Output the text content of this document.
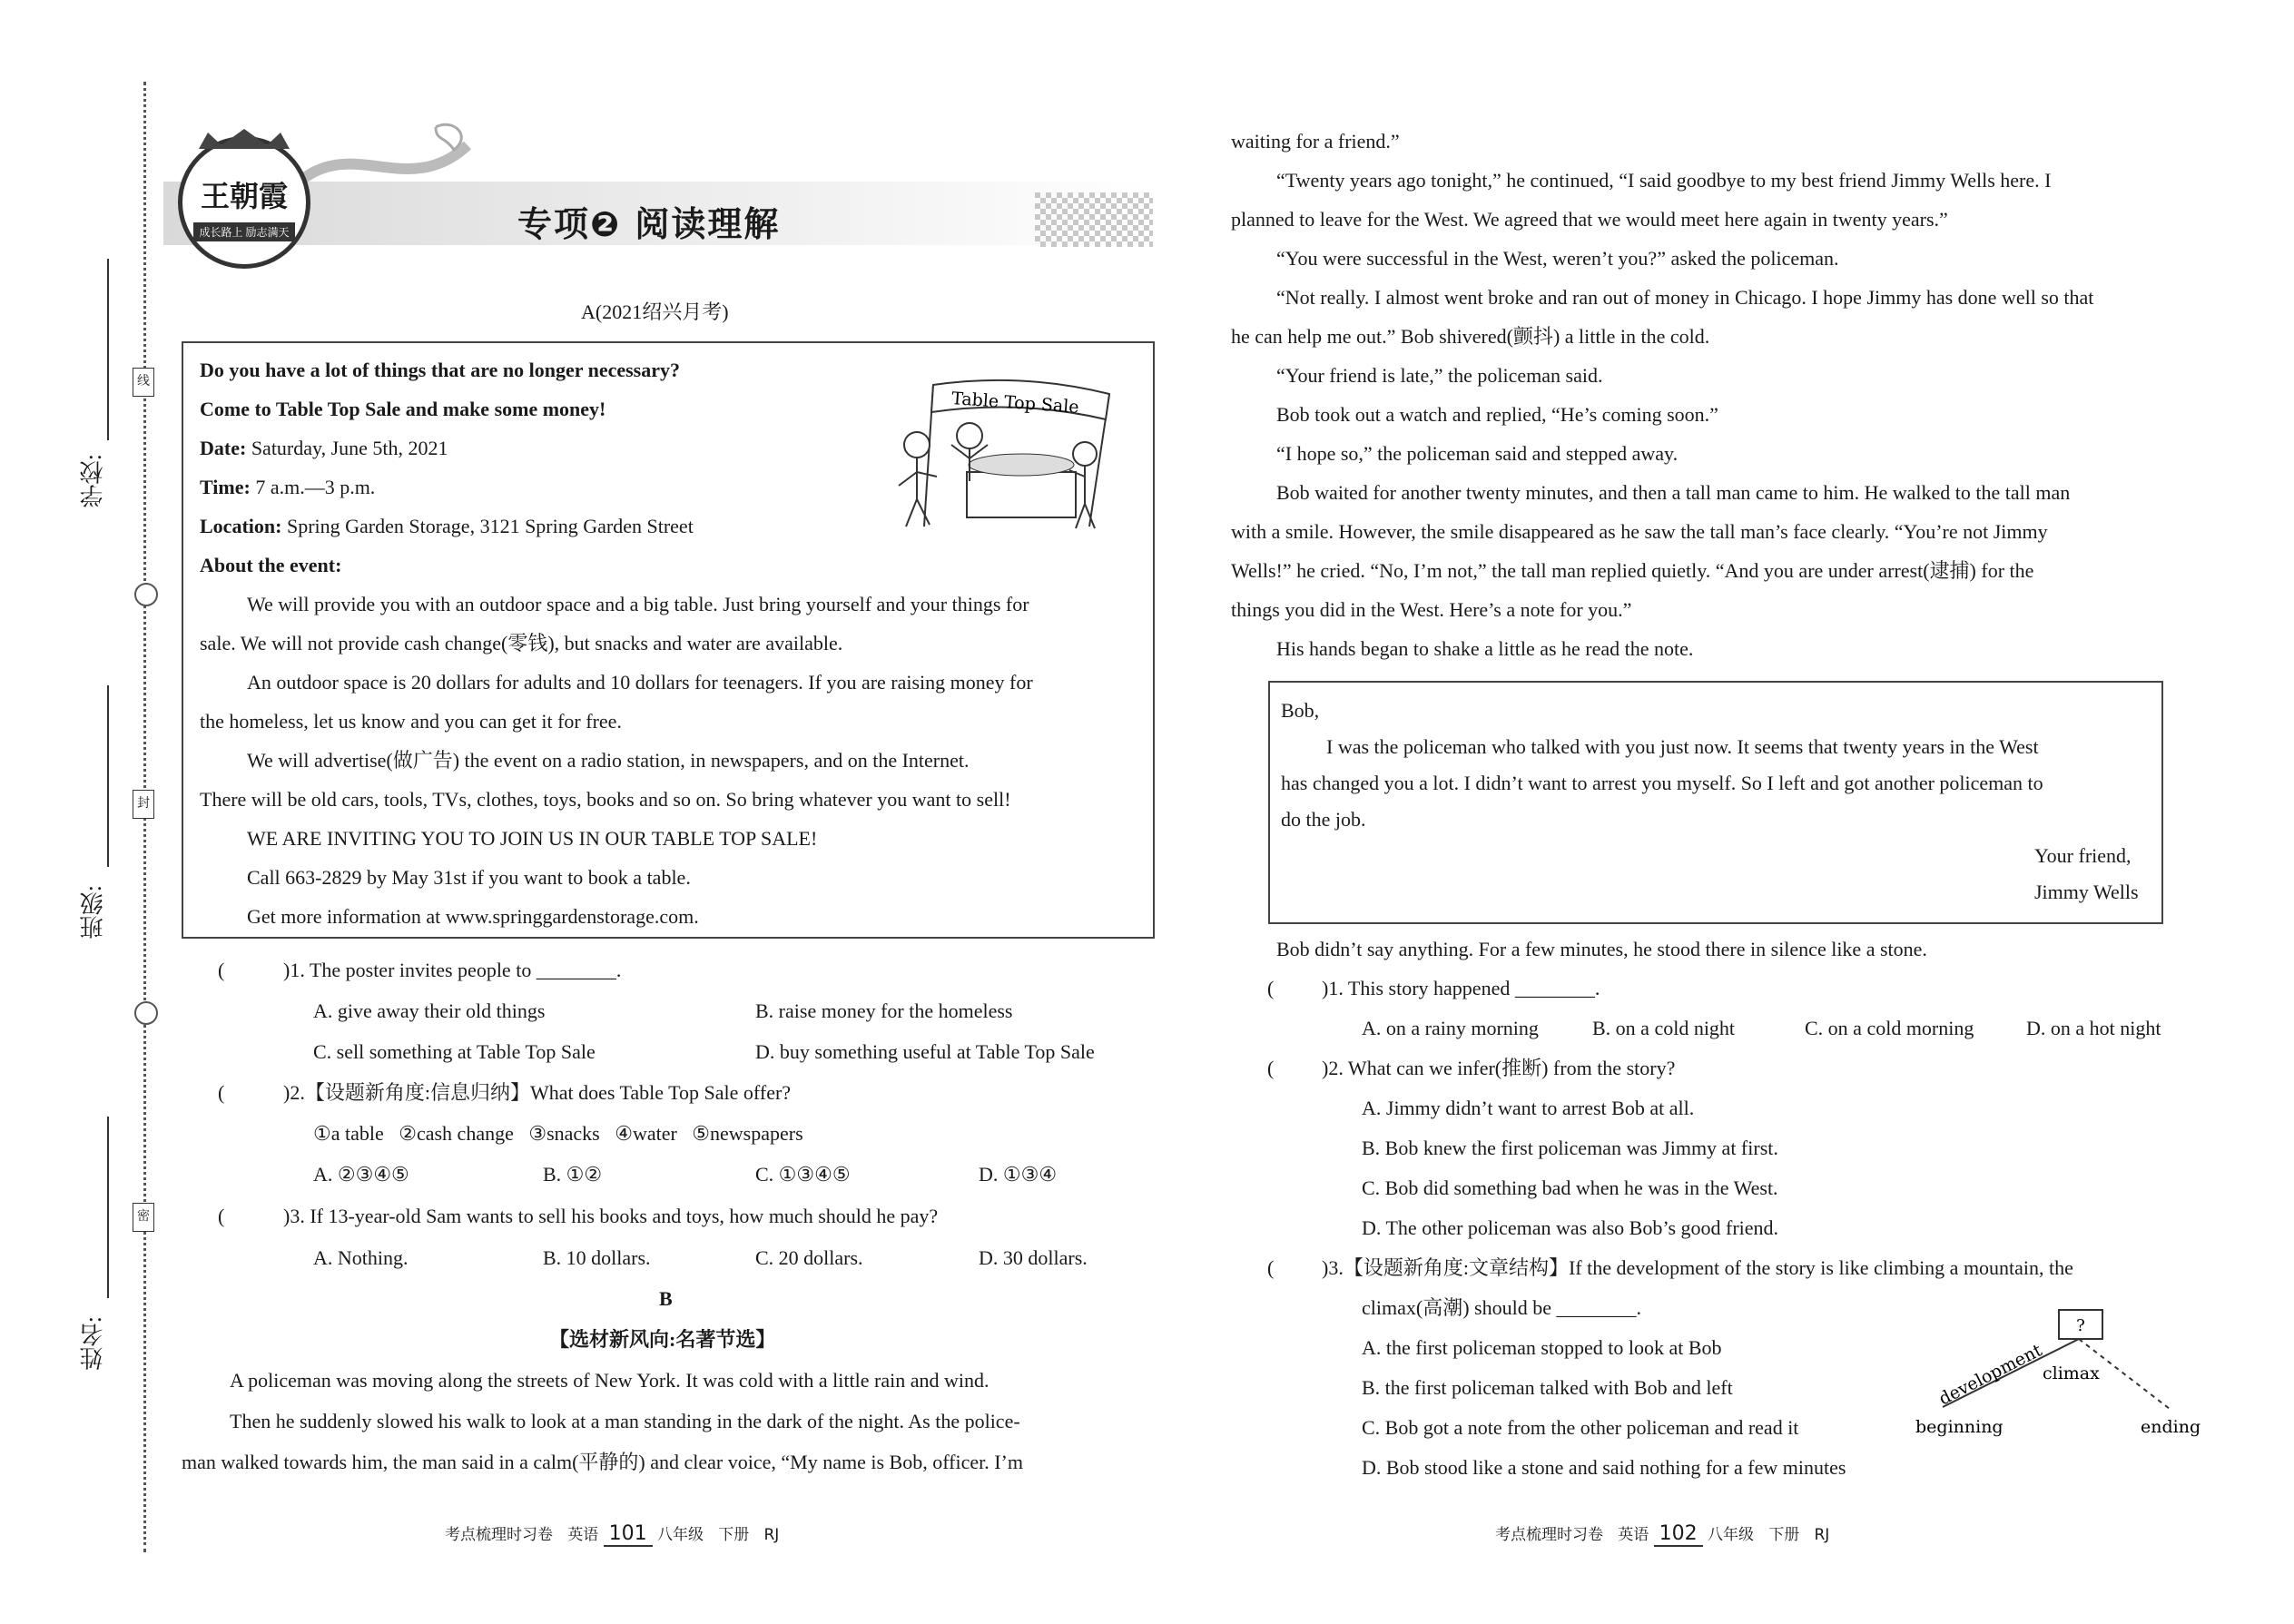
学校:
班级:
姓名:
线
封
密
王朝霞
成长路上 励志满天	专项❷ 阅读理解
A(2021绍兴月考)
Do you have a lot of things that are no longer necessary?
Come to Table Top Sale and make some money!
Date: Saturday, June 5th, 2021
Time: 7 a.m.—3 p.m.
Location: Spring Garden Storage, 3121 Spring Garden Street
About the event:
Table Top Sale
We will provide you with an outdoor space and a big table. Just bring yourself and your things for
sale. We will not provide cash change(零钱), but snacks and water are available.
An outdoor space is 20 dollars for adults and 10 dollars for teenagers. If you are raising money for
the homeless, let us know and you can get it for free.
We will advertise(做广告) the event on a radio station, in newspapers, and on the Internet.
There will be old cars, tools, TVs, clothes, toys, books and so on. So bring whatever you want to sell!
WE ARE INVITING YOU TO JOIN US IN OUR TABLE TOP SALE!
Call 663-2829 by May 31st if you want to book a table.
Get more information at www.springgardenstorage.com.
(	)1. The poster invites people to ________.
A. give away their old things	B. raise money for the homeless
C. sell something at Table Top Sale	D. buy something useful at Table Top Sale
(	)2.【设题新角度:信息归纳】What does Table Top Sale offer?
①a table   ②cash change   ③snacks   ④water   ⑤newspapers
A. ②③④⑤	B. ①②	C. ①③④⑤	D. ①③④
(	)3. If 13-year-old Sam wants to sell his books and toys, how much should he pay?
A. Nothing.	B. 10 dollars.	C. 20 dollars.	D. 30 dollars.
B
【选材新风向:名著节选】
A policeman was moving along the streets of New York. It was cold with a little rain and wind.
Then he suddenly slowed his walk to look at a man standing in the dark of the night. As the police-
man walked towards him, the man said in a calm(平静的) and clear voice, “My name is Bob, officer. I’m
考点梳理时习卷   英语 101 八年级   下册   RJ
waiting for a friend.”
“Twenty years ago tonight,” he continued, “I said goodbye to my best friend Jimmy Wells here. I
planned to leave for the West. We agreed that we would meet here again in twenty years.”
“You were successful in the West, weren’t you?” asked the policeman.
“Not really. I almost went broke and ran out of money in Chicago. I hope Jimmy has done well so that
he can help me out.” Bob shivered(颤抖) a little in the cold.
“Your friend is late,” the policeman said.
Bob took out a watch and replied, “He’s coming soon.”
“I hope so,” the policeman said and stepped away.
Bob waited for another twenty minutes, and then a tall man came to him. He walked to the tall man
with a smile. However, the smile disappeared as he saw the tall man’s face clearly. “You’re not Jimmy
Wells!” he cried. “No, I’m not,” the tall man replied quietly. “And you are under arrest(逮捕) for the
things you did in the West. Here’s a note for you.”
His hands began to shake a little as he read the note.
Bob,
I was the policeman who talked with you just now. It seems that twenty years in the West
has changed you a lot. I didn’t want to arrest you myself. So I left and got another policeman to
do the job.
Your friend,
Jimmy Wells
Bob didn’t say anything. For a few minutes, he stood there in silence like a stone.
( )1. This story happened ________.
A. on a rainy morning	B. on a cold night	C. on a cold morning	D. on a hot night
( )2. What can we infer(推断) from the story?
A. Jimmy didn’t want to arrest Bob at all.
B. Bob knew the first policeman was Jimmy at first.
C. Bob did something bad when he was in the West.
D. The other policeman was also Bob’s good friend.
( )3.【设题新角度:文章结构】If the development of the story is like climbing a mountain, the
climax(高潮) should be ________.
A. the first policeman stopped to look at Bob
B. the first policeman talked with Bob and left
C. Bob got a note from the other policeman and read it
D. Bob stood like a stone and said nothing for a few minutes
?
development
climax
beginning	ending
考点梳理时习卷   英语 102 八年级   下册   RJ
